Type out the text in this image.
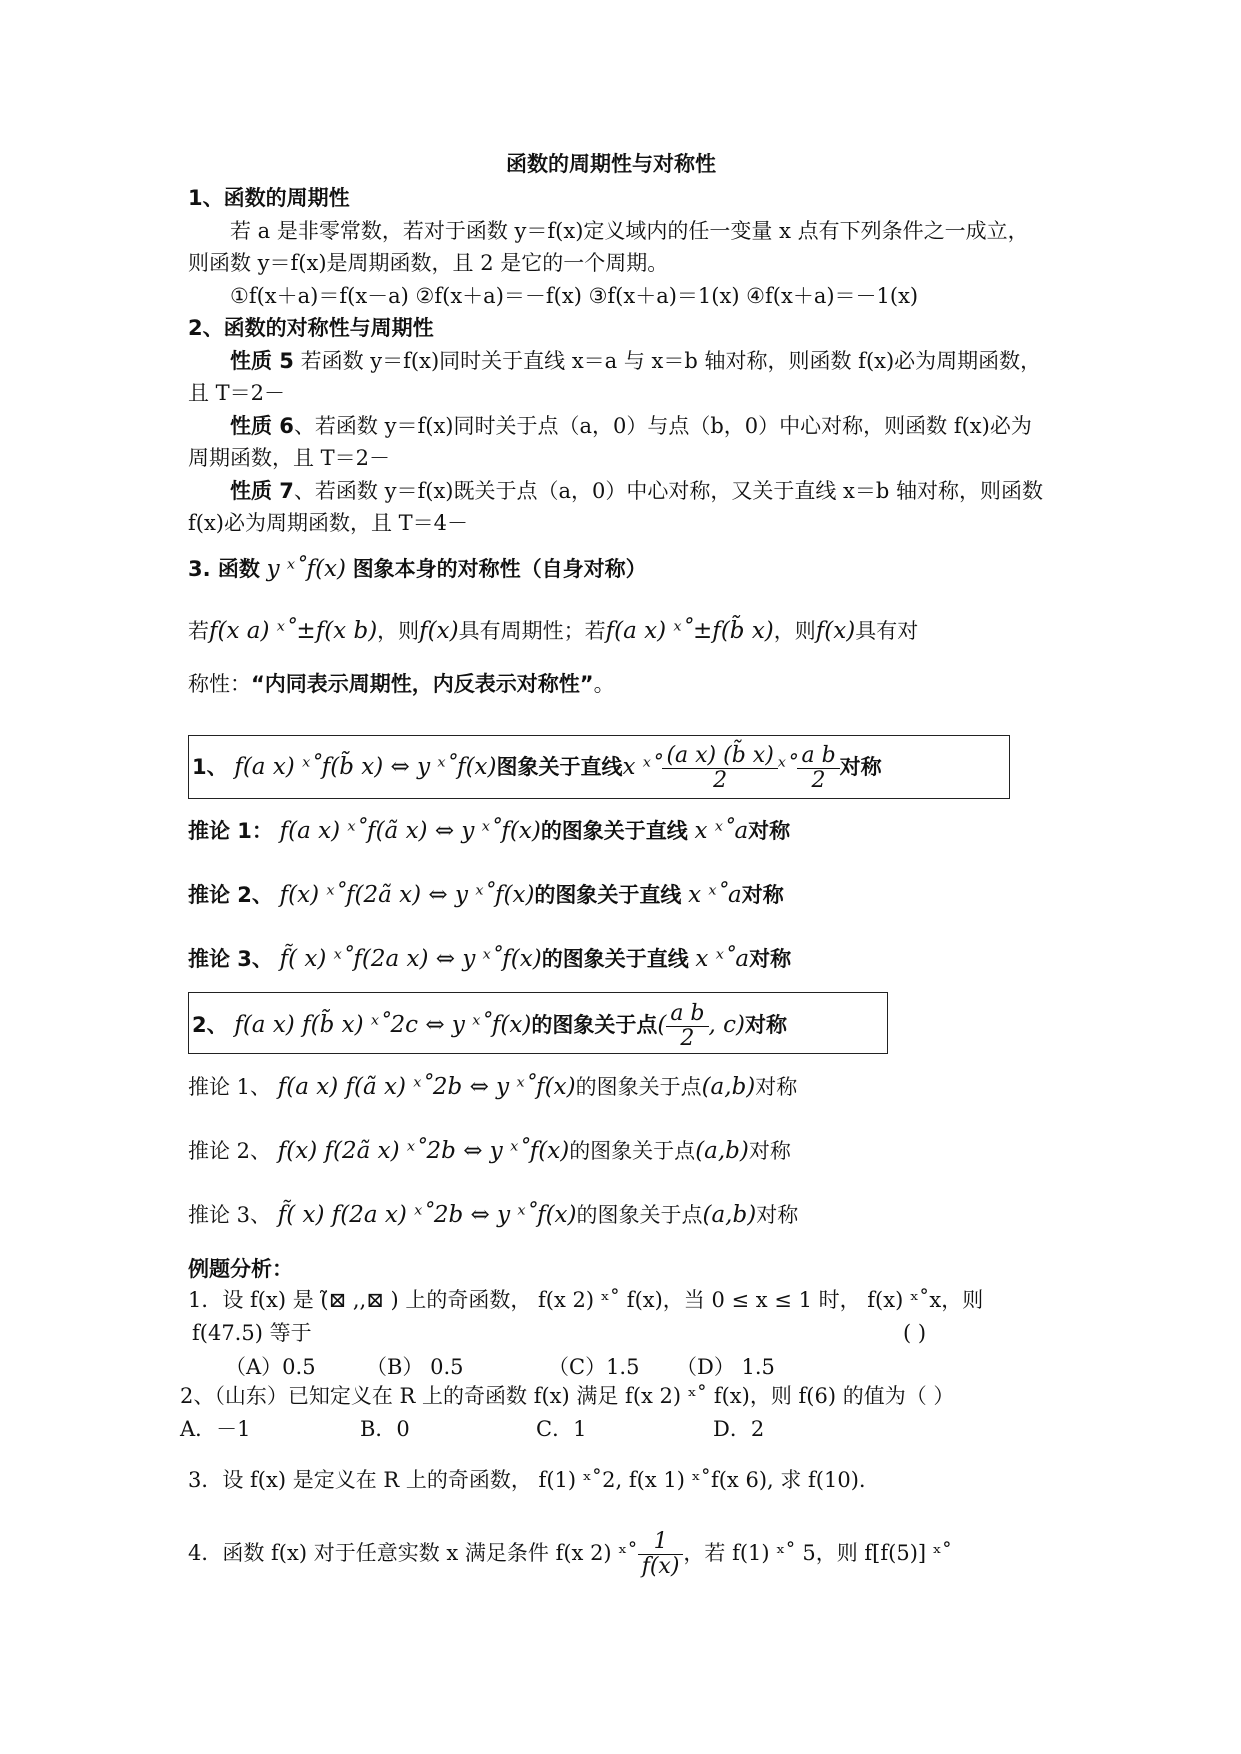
函数的周期性与对称性
1、函数的周期性
若 a 是非零常数，若对于函数 y＝f(x)定义域内的任一变量 x 点有下列条件之一成立，
则函数 y＝f(x)是周期函数，且 2 是它的一个周期。
①f(x＋a)＝f(x－a) ②f(x＋a)＝－f(x) ③f(x＋a)＝1(x) ④f(x＋a)＝－1(x)
2、函数的对称性与周期性
性质 5 若函数 y＝f(x)同时关于直线 x＝a 与 x＝b 轴对称，则函数 f(x)必为周期函数，
且 T＝2－
性质 6、若函数 y＝f(x)同时关于点（a，0）与点（b，0）中心对称，则函数 f(x)必为
周期函数，且 T＝2－
性质 7、若函数 y＝f(x)既关于点（a，0）中心对称，又关于直线 x＝b 轴对称，则函数
f(x)必为周期函数，且 T＝4－
3. 函数 y ˣ˚f(x) 图象本身的对称性（自身对称）
若f(x a) ˣ˚±f(x b)，则f(x)具有周期性；若f(a x) ˣ˚±f(b̃ x)，则f(x)具有对
称性：“内同表示周期性，内反表示对称性”。
1、 f(a x) ˣ˚f(b̃ x) ⇔ y ˣ˚f(x)图象关于直线x ˣ˚ $\frac{\text{(a x) (b̃ x)}}{2}$ ˣ˚ $\frac{\text{a b}}{2}$ 对称
推论 1： f(a x) ˣ˚f(ã x) ⇔ y ˣ˚f(x)的图象关于直线 x ˣ˚a对称
推论 2、 f(x) ˣ˚f(2ã x) ⇔ y ˣ˚f(x)的图象关于直线 x ˣ˚a对称
推论 3、 f̃( x) ˣ˚f(2a x) ⇔ y ˣ˚f(x)的图象关于直线 x ˣ˚a对称
2、 f(a x) f(b̃ x) ˣ˚2c ⇔ y ˣ˚f(x)的图象关于点( $\frac{\text{a b}}{2}$ , c)对称
推论 1、 f(a x) f(ã x) ˣ˚2b ⇔ y ˣ˚f(x)的图象关于点(a,b)对称
推论 2、 f(x) f(2ã x) ˣ˚2b ⇔ y ˣ˚f(x)的图象关于点(a,b)对称
推论 3、 f̃( x) f(2a x) ˣ˚2b ⇔ y ˣ˚f(x)的图象关于点(a,b)对称
例题分析：
1．设 f(x) 是 (̃⊠ ,,⊠ ) 上的奇函数， f(x 2) ˣ˚ f(x)，当 0 ≤ x ≤ 1 时， f(x) ˣ˚x，则
f(47.5) 等于	( )
（A）0.5 （B） 0.5	（C）1.5 （D） 1.5
2、（山东）已知定义在 R 上的奇函数 f(x) 满足 f(x 2) ˣ˚ f(x)，则 f(6) 的值为（ ）
A．－1	B．0	C．1	D．2
3．设 f(x) 是定义在 R 上的奇函数， f(1) ˣ˚2, f(x 1) ˣ˚f(x 6), 求 f(10).
4．函数 f(x) 对于任意实数 x 满足条件 f(x 2) ˣ˚ $\frac{1}{f(x)}$ ，若 f(1) ˣ˚ 5，则 f[f(5)] ˣ˚
